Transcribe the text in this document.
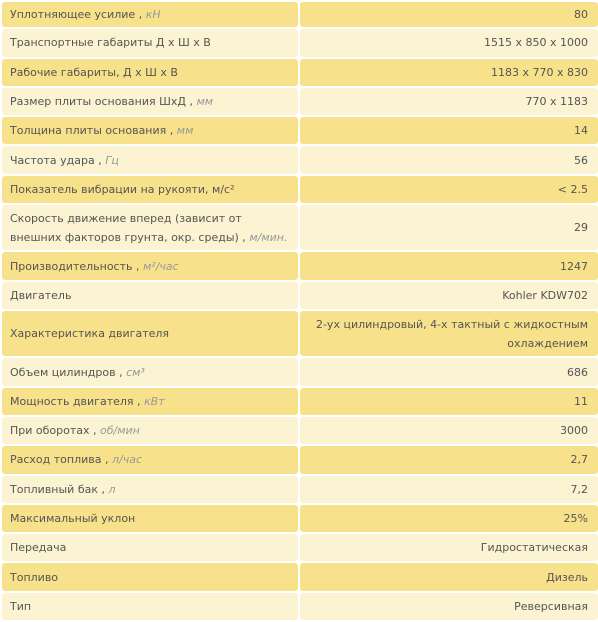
Уплотняющее усилие , кН	80
Транспортные габариты Д х Ш х В	1515 x 850 x 1000
Рабочие габариты, Д х Ш х В	1183 x 770 x 830
Размер плиты основания ШхД , мм	770 x 1183
Толщина плиты основания , мм	14
Частота удара , Гц	56
Показатель вибрации на рукояти, м/с²	< 2.5
Скорость движение вперед (зависит от внешних факторов грунта, окр. среды) , м/мин.	29
Производительность , м²/час	1247
Двигатель	Kohler KDW702
Характеристика двигателя	2-ух цилиндровый, 4-х тактный с жидкостным охлаждением
Объем цилиндров , см³	686
Мощность двигателя , кВт	11
При оборотах , об/мин	3000
Расход топлива , л/час	2,7
Топливный бак , л	7,2
Максимальный уклон	25%
Передача	Гидростатическая
Топливо	Дизель
Тип	Реверсивная
